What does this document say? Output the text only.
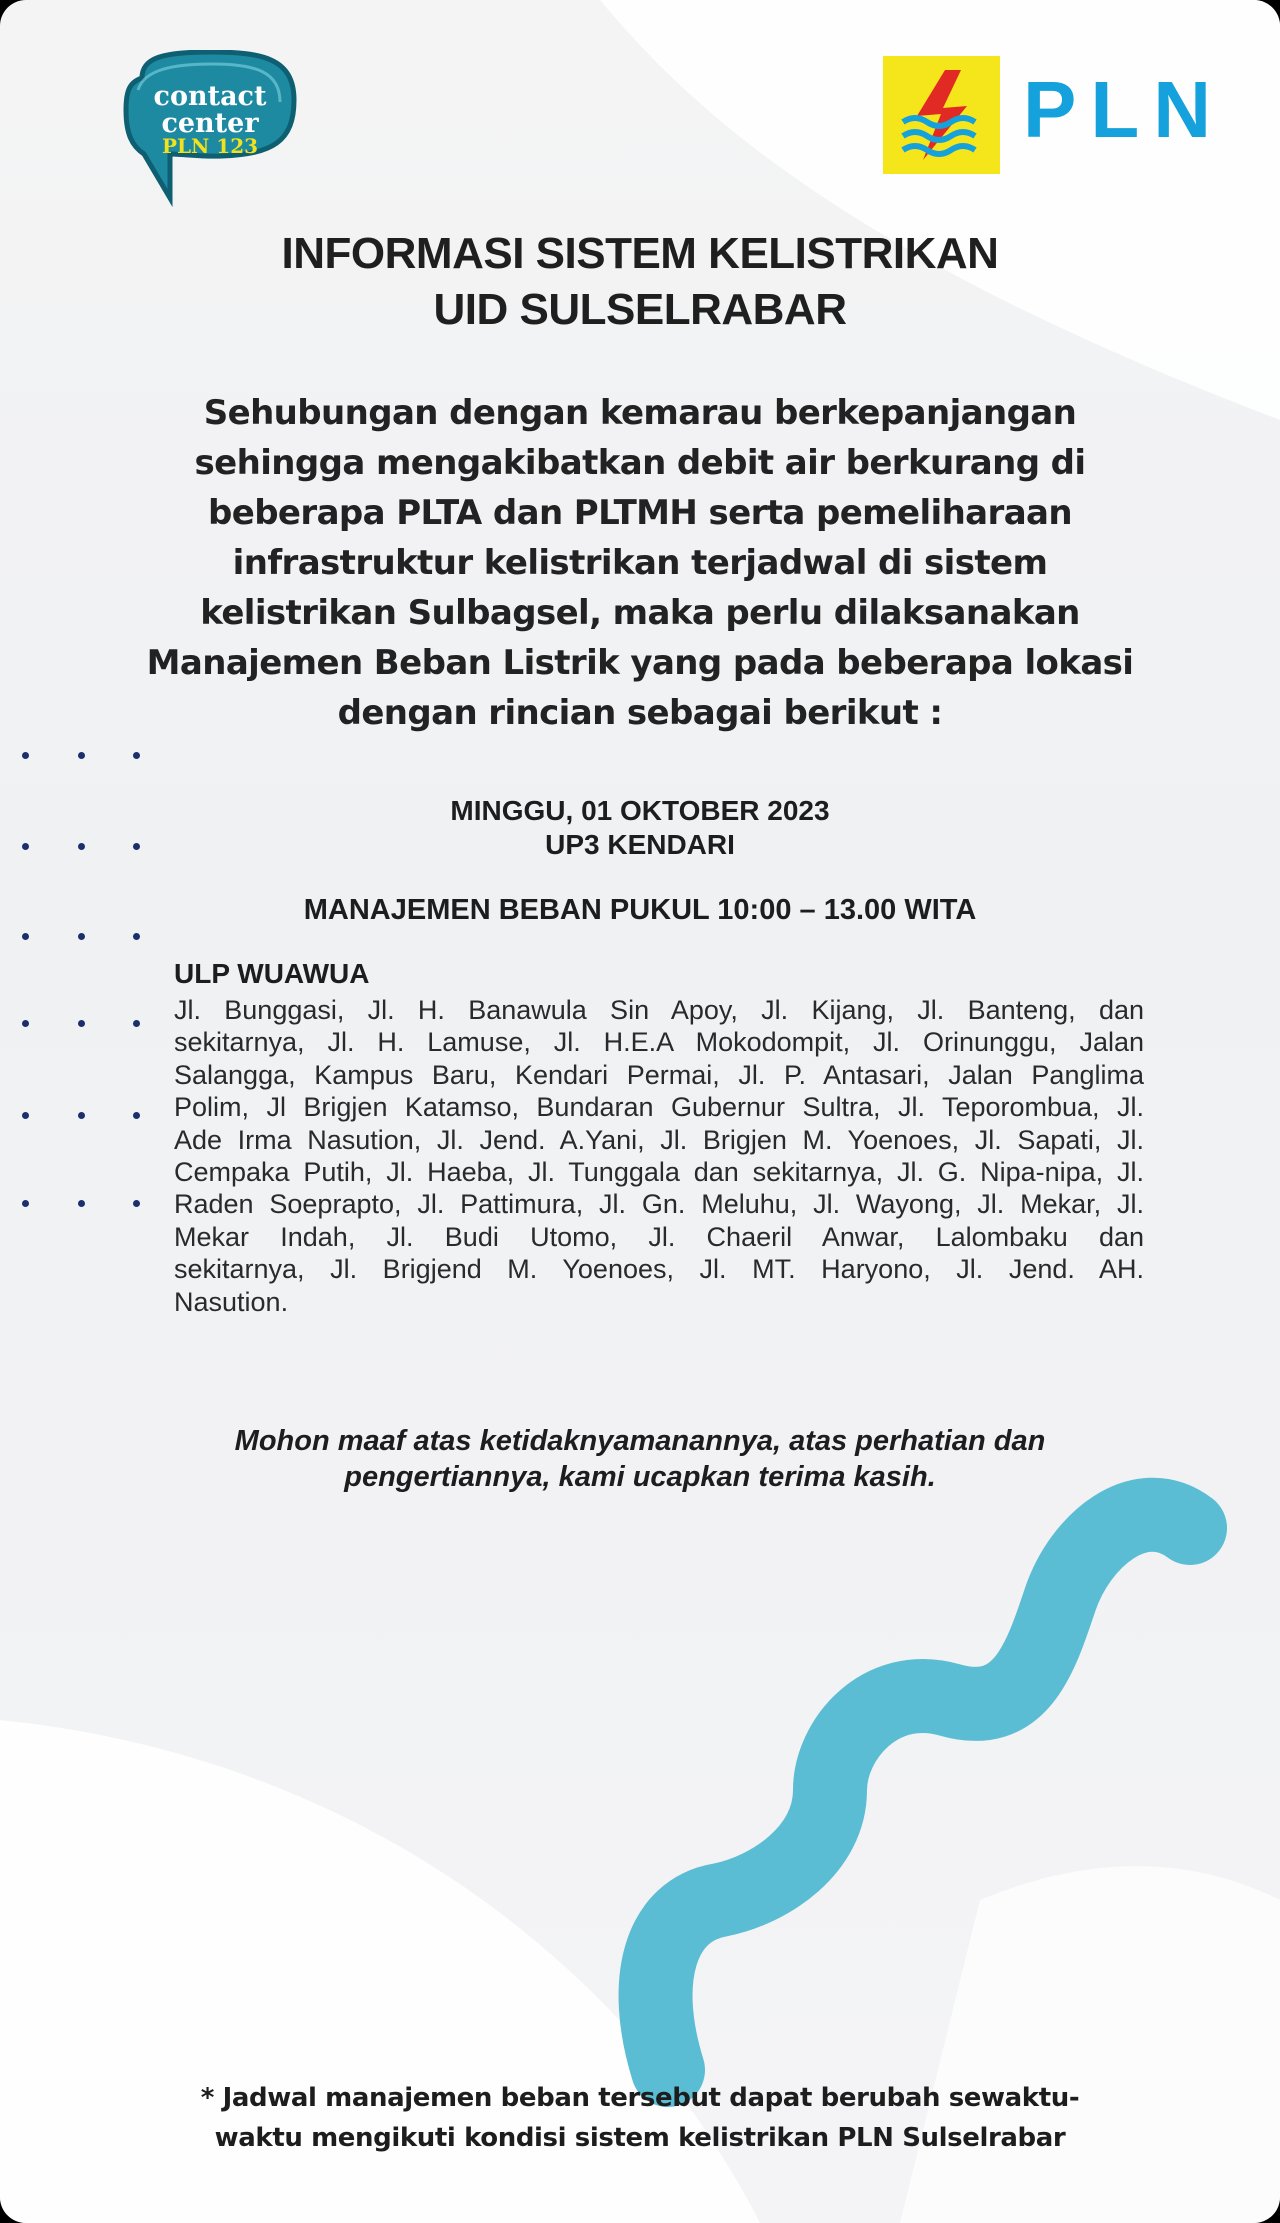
contact
center
PLN 123	PLN
INFORMASI SISTEM KELISTRIKAN
UID SULSELRABAR
Sehubungan dengan kemarau berkepanjangan
sehingga mengakibatkan debit air berkurang di
beberapa PLTA dan PLTMH serta pemeliharaan
infrastruktur kelistrikan terjadwal di sistem
kelistrikan Sulbagsel, maka perlu dilaksanakan
Manajemen Beban Listrik yang pada beberapa lokasi
dengan rincian sebagai berikut :
MINGGU, 01 OKTOBER 2023
UP3 KENDARI
MANAJEMEN BEBAN PUKUL 10:00 – 13.00 WITA
ULP WUAWUA
Jl. Bunggasi, Jl. H. Banawula Sin Apoy, Jl. Kijang, Jl. Banteng, dan
sekitarnya, Jl. H. Lamuse, Jl. H.E.A Mokodompit, Jl. Orinunggu, Jalan
Salangga, Kampus Baru, Kendari Permai, Jl. P. Antasari, Jalan Panglima
Polim, Jl Brigjen Katamso, Bundaran Gubernur Sultra, Jl. Teporombua, Jl.
Ade Irma Nasution, Jl. Jend. A.Yani, Jl. Brigjen M. Yoenoes, Jl. Sapati, Jl.
Cempaka Putih, Jl. Haeba, Jl. Tunggala dan sekitarnya, Jl. G. Nipa-nipa, Jl.
Raden Soeprapto, Jl. Pattimura, Jl. Gn. Meluhu, Jl. Wayong, Jl. Mekar, Jl.
Mekar Indah, Jl. Budi Utomo, Jl. Chaeril Anwar, Lalombaku dan
sekitarnya, Jl. Brigjend M. Yoenoes, Jl. MT. Haryono, Jl. Jend. AH.
Nasution.
Mohon maaf atas ketidaknyamanannya, atas perhatian dan
pengertiannya, kami ucapkan terima kasih.
* Jadwal manajemen beban tersebut dapat berubah sewaktu-
waktu mengikuti kondisi sistem kelistrikan PLN Sulselrabar
